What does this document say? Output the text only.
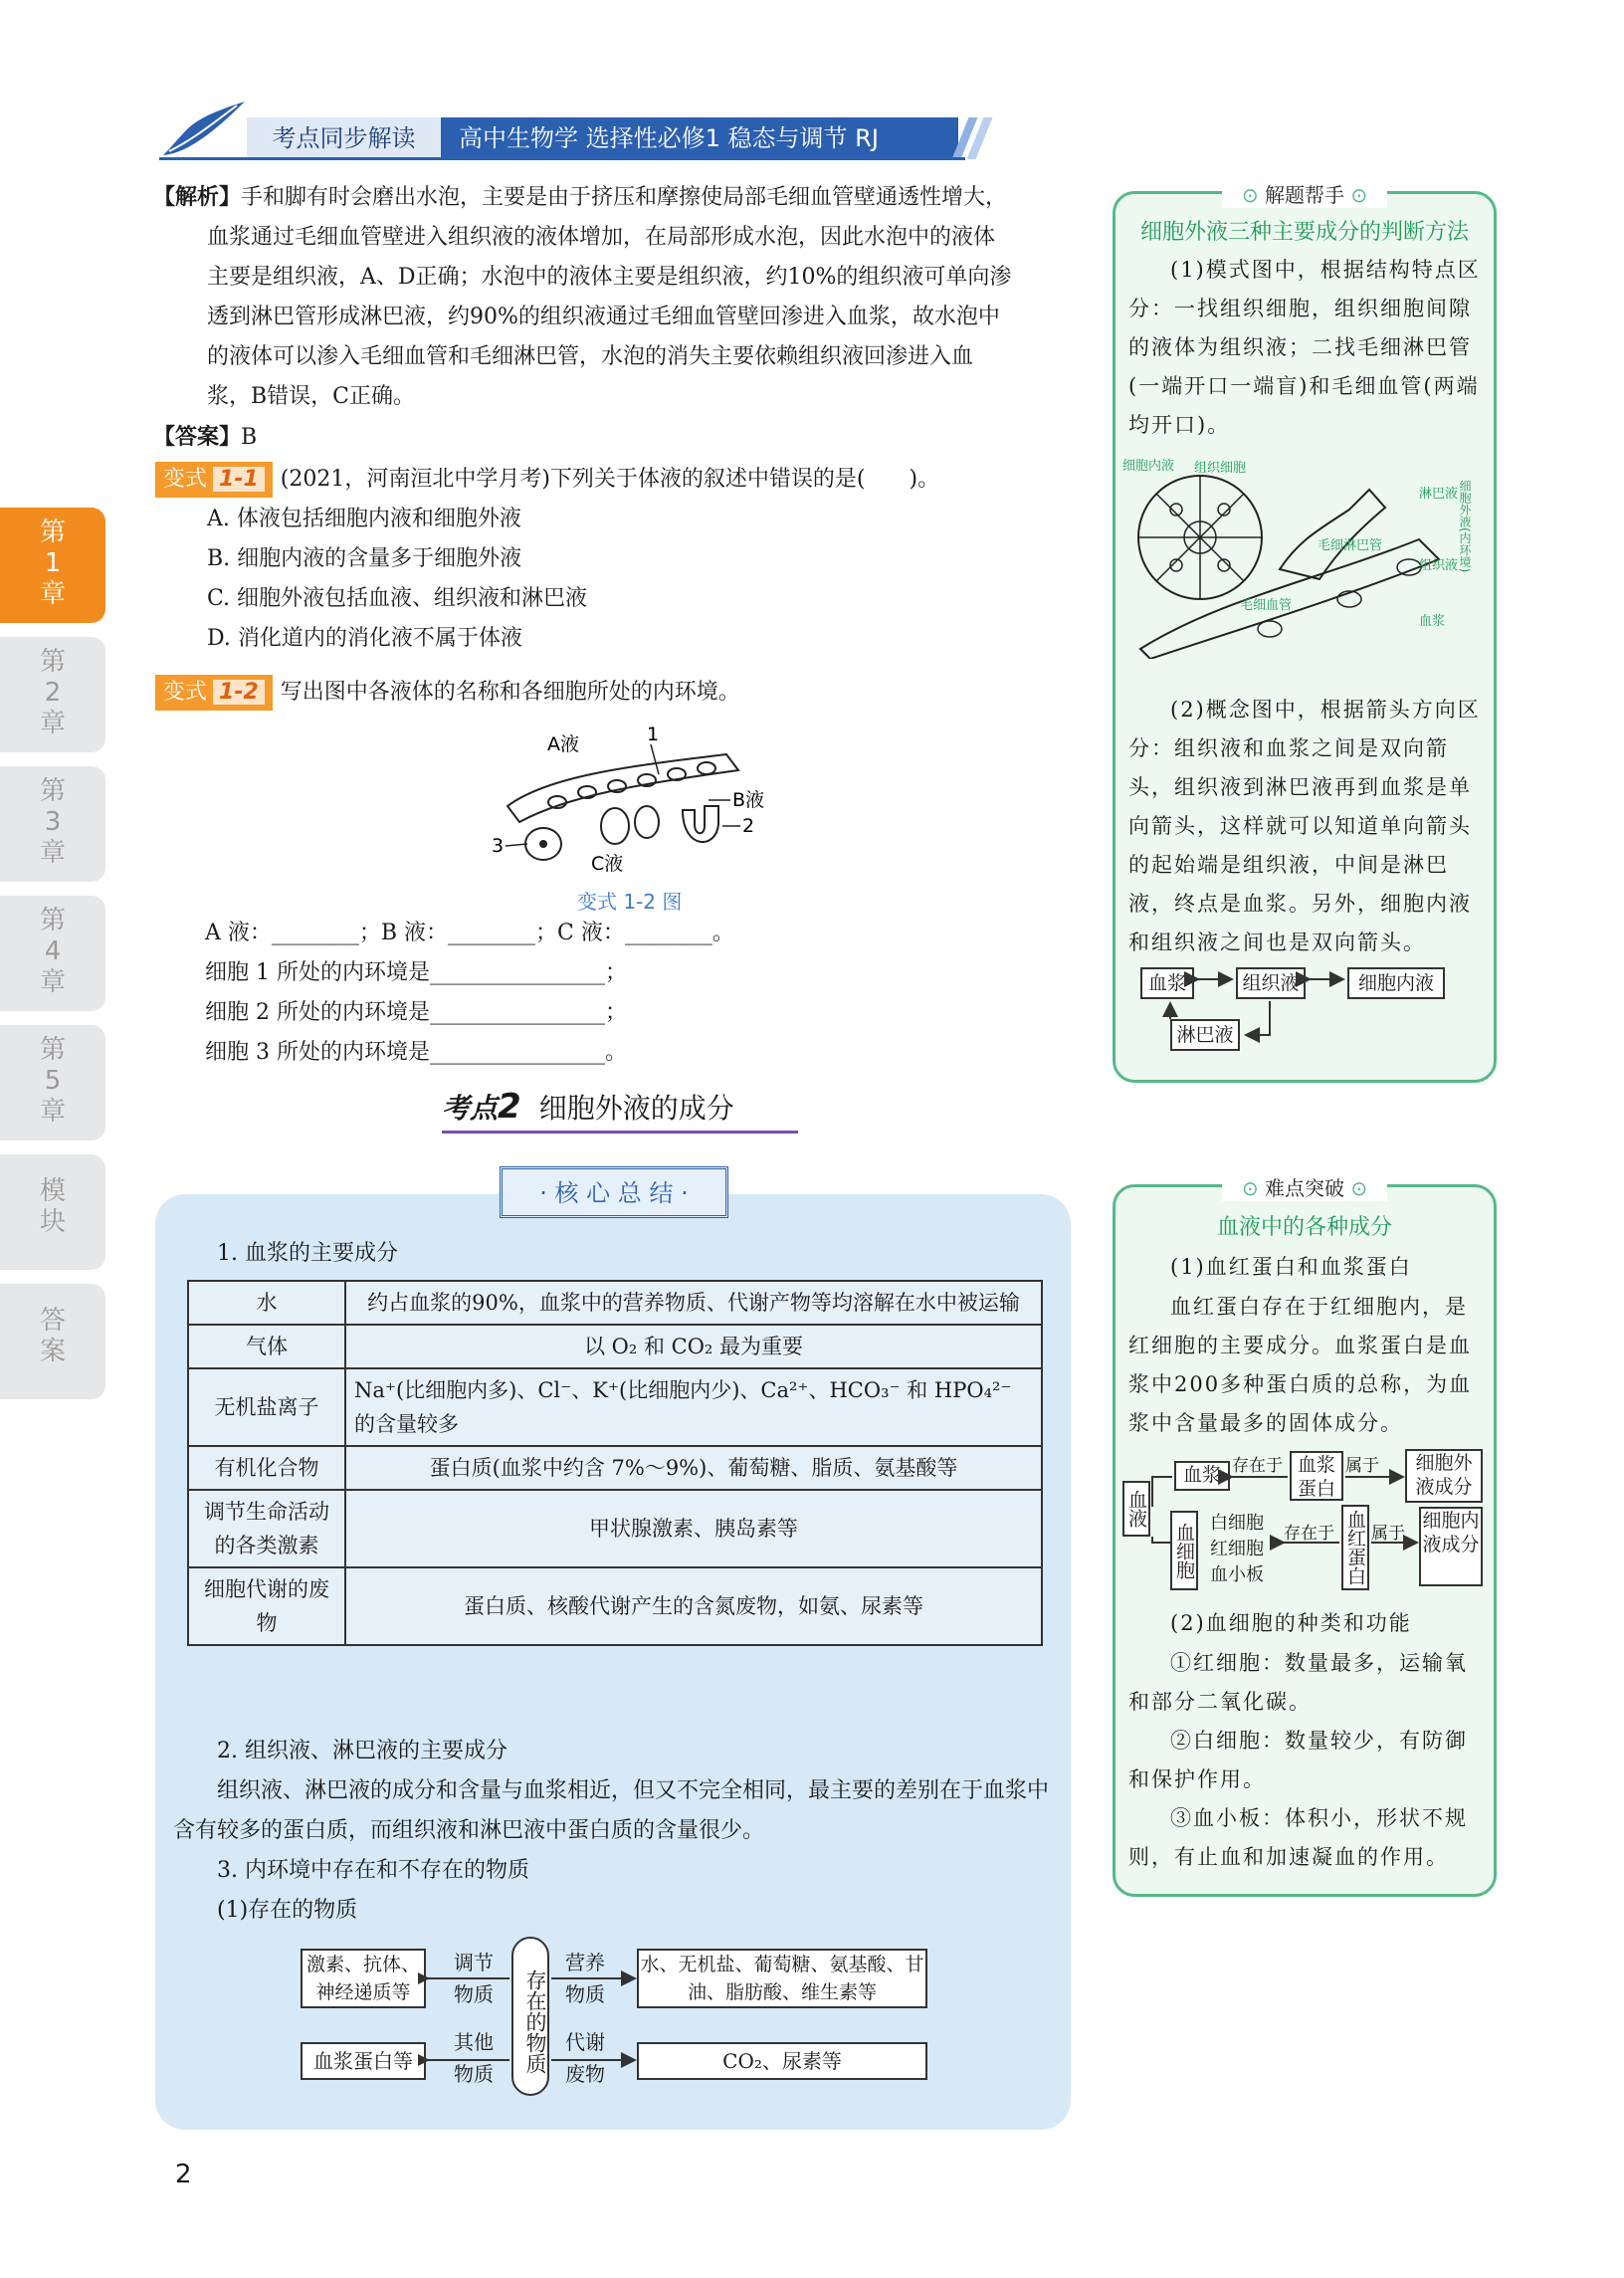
考点同步解读	高中生物学 选择性必修1 稳态与调节 RJ
第
1
章
第
2
章
第
3
章
第
4
章
第
5
章
模
块
答
案
【解析】手和脚有时会磨出水泡，主要是由于挤压和摩擦使局部毛细血管壁通透性增大，
血浆通过毛细血管壁进入组织液的液体增加，在局部形成水泡，因此水泡中的液体
主要是组织液，A、D正确；水泡中的液体主要是组织液，约10%的组织液可单向渗
透到淋巴管形成淋巴液，约90%的组织液通过毛细血管壁回渗进入血浆，故水泡中
的液体可以渗入毛细血管和毛细淋巴管，水泡的消失主要依赖组织液回渗进入血
浆，B错误，C正确。
【答案】B
变式 1-1	(2021，河南洹北中学月考)下列关于体液的叙述中错误的是(　　)。
A. 体液包括细胞内液和细胞外液
B. 细胞内液的含量多于细胞外液
C. 细胞外液包括血液、组织液和淋巴液
D. 消化道内的消化液不属于体液
变式 1-2	写出图中各液体的名称和各细胞所处的内环境。
A液	1
B液
2
3
C液
变式 1-2 图
A 液：________；B 液：________；C 液：________。
细胞 1 所处的内环境是________________；
细胞 2 所处的内环境是________________；
细胞 3 所处的内环境是________________。
考点2 细胞外液的成分
· 核 心 总 结 ·
1. 血浆的主要成分
水	约占血浆的90%，血浆中的营养物质、代谢产物等均溶解在水中被运输
气体	以 O₂ 和 CO₂ 最为重要
无机盐离子	Na⁺(比细胞内多)、Cl⁻、K⁺(比细胞内少)、Ca²⁺、HCO₃⁻ 和 HPO₄²⁻ 的含量较多
有机化合物	蛋白质(血浆中约含 7%～9%)、葡萄糖、脂质、氨基酸等
调节生命活动的各类激素	甲状腺激素、胰岛素等
细胞代谢的废物	蛋白质、核酸代谢产生的含氮废物，如氨、尿素等
2. 组织液、淋巴液的主要成分
组织液、淋巴液的成分和含量与血浆相近，但又不完全相同，最主要的差别在于血浆中含有较多的蛋白质，而组织液和淋巴液中蛋白质的含量很少。
3. 内环境中存在和不存在的物质
(1)存在的物质
激素、抗体、神经递质等
调节
物质	存在的物质
营养
物质
水、无机盐、葡萄糖、氨基酸、甘油、脂肪酸、维生素等
血浆蛋白等
其他
物质
代谢
废物
CO₂、尿素等
⊙ 解题帮手 ⊙
细胞外液三种主要成分的判断方法
(1)模式图中，根据结构特点区分：一找组织细胞，组织细胞间隙的液体为组织液；二找毛细淋巴管(一端开口一端盲)和毛细血管(两端均开口)。
细胞内液 组织细胞
毛细淋巴管
毛细血管
淋巴液
组织液
血浆
细胞外液(内环境)
(2)概念图中，根据箭头方向区分：组织液和血浆之间是双向箭头，组织液到淋巴液再到血浆是单向箭头，这样就可以知道单向箭头的起始端是组织液，中间是淋巴液，终点是血浆。另外，细胞内液和组织液之间也是双向箭头。
血浆	组织液	细胞内液
淋巴液
⊙ 难点突破 ⊙
血液中的各种成分
(1)血红蛋白和血浆蛋白
血红蛋白存在于红细胞内，是红细胞的主要成分。血浆蛋白是血浆中200多种蛋白质的总称，为血浆中含量最多的固体成分。
血液
血浆 存在于 血浆蛋白
属于	细胞外液成分
血细胞 白细胞
红细胞
血小板
存在于 血红蛋白 属于
细胞内液成分
(2)血细胞的种类和功能
①红细胞：数量最多，运输氧和部分二氧化碳。
②白细胞：数量较少，有防御和保护作用。
③血小板：体积小，形状不规则，有止血和加速凝血的作用。
2
